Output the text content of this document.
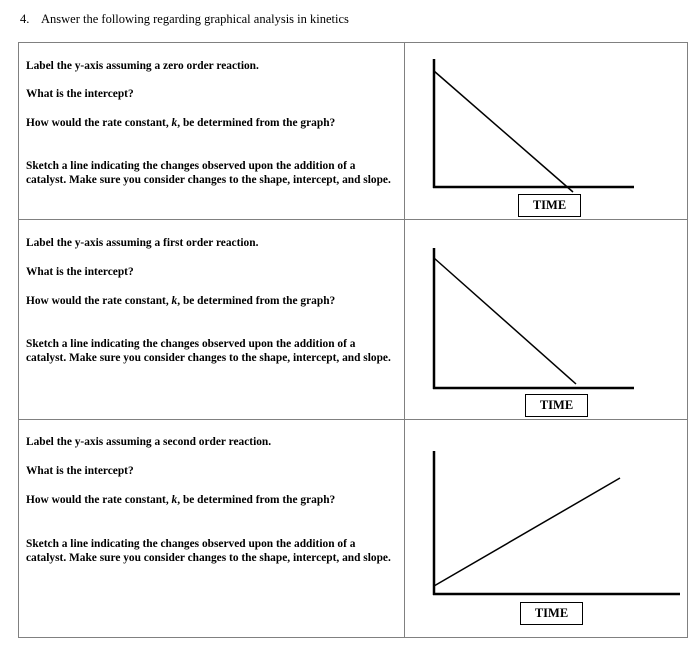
4. Answer the following regarding graphical analysis in kinetics

Label the y-axis assuming a zero order reaction.

What is the intercept?

How would the rate constant, k, be determined from the graph?

Sketch a line indicating the changes observed upon the addition of a catalyst. Make sure you consider changes to the shape, intercept, and slope.

TIME

Label the y-axis assuming a first order reaction.

What is the intercept?

How would the rate constant, k, be determined from the graph?

Sketch a line indicating the changes observed upon the addition of a catalyst. Make sure you consider changes to the shape, intercept, and slope.

TIME

Label the y-axis assuming a second order reaction.

What is the intercept?

How would the rate constant, k, be determined from the graph?

Sketch a line indicating the changes observed upon the addition of a catalyst. Make sure you consider changes to the shape, intercept, and slope.

TIME
